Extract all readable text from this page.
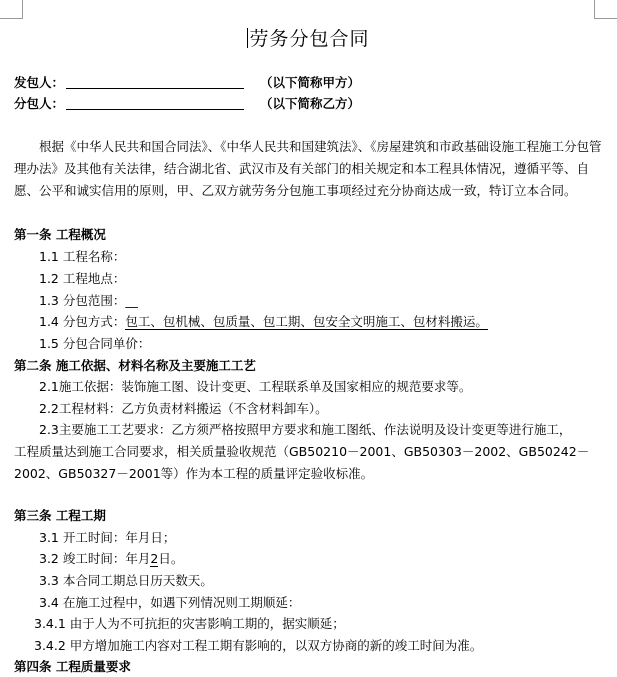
劳务分包合同
发包人：	（以下简称甲方）
分包人：	（以下简称乙方）
根据《中华人民共和国合同法》、《中华人民共和国建筑法》、《房屋建筑和市政基础设施工程施工分包管理办法》及其他有关法律，结合湖北省、武汉市及有关部门的相关规定和本工程具体情况，遵循平等、自愿、公平和诚实信用的原则，甲、乙双方就劳务分包施工事项经过充分协商达成一致，特订立本合同。
第一条 工程概况
1.1 工程名称：
1.2 工程地点：
1.3 分包范围：__
1.4 分包方式：包工、包机械、包质量、包工期、包安全文明施工、包材料搬运。
1.5 分包合同单价：
第二条 施工依据、材料名称及主要施工工艺
2.1施工依据：装饰施工图、设计变更、工程联系单及国家相应的规范要求等。
2.2工程材料：乙方负责材料搬运（不含材料卸车）。
2.3主要施工工艺要求：乙方须严格按照甲方要求和施工图纸、作法说明及设计变更等进行施工，
工程质量达到施工合同要求，相关质量验收规范（GB50210－2001、GB50303－2002、GB50242－2002、GB50327－2001等）作为本工程的质量评定验收标准。
第三条 工程工期
3.1 开工时间：年月日；
3.2 竣工时间：年月2日。
3.3 本合同工期总日历天数天。
3.4 在施工过程中，如遇下列情况则工期顺延：
3.4.1 由于人为不可抗拒的灾害影响工期的，据实顺延；
3.4.2 甲方增加施工内容对工程工期有影响的，以双方协商的新的竣工时间为准。
第四条 工程质量要求
